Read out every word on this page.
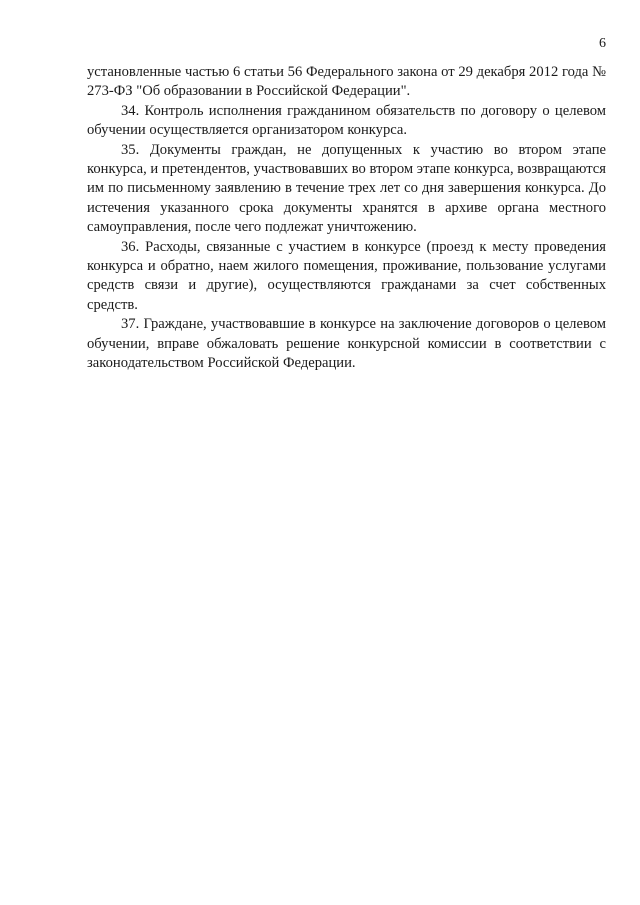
6

установленные частью 6 статьи 56 Федерального закона от 29 декабря 2012 года № 273-ФЗ "Об образовании в Российской Федерации".

34. Контроль исполнения гражданином обязательств по договору о целевом обучении осуществляется организатором конкурса.

35. Документы граждан, не допущенных к участию во втором этапе конкурса, и претендентов, участвовавших во втором этапе конкурса, возвращаются им по письменному заявлению в течение трех лет со дня завершения конкурса. До истечения указанного срока документы хранятся в архиве органа местного самоуправления, после чего подлежат уничтожению.

36. Расходы, связанные с участием в конкурсе (проезд к месту проведения конкурса и обратно, наем жилого помещения, проживание, пользование услугами средств связи и другие), осуществляются гражданами за счет собственных средств.

37. Граждане, участвовавшие в конкурсе на заключение договоров о целевом обучении, вправе обжаловать решение конкурсной комиссии в соответствии с законодательством Российской Федерации.
